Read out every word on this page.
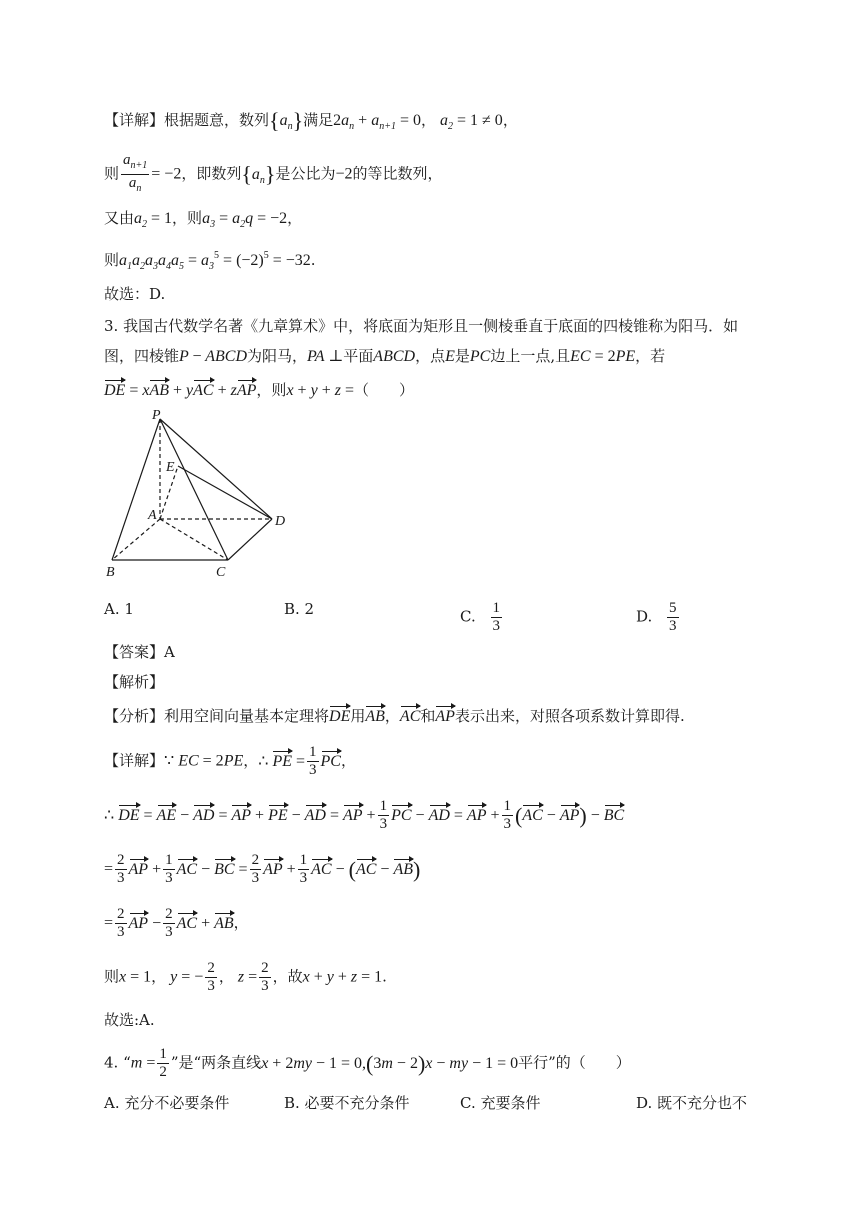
【详解】根据题意，数列$\{a_n\}$满足$2a_n + a_{n+1} = 0$， $a_2 = 1 \ne 0$，
则 $\frac{a_{n+1}}{a_n} = -2$，即数列$\{a_n\}$是公比为−2的等比数列，
又由$a_2 = 1$，则$a_3 = a_2q = -2$，
则$a_1a_2a_3a_4a_5 = a_3^5 = (-2)^5 = -32$.
故选：D.
3. 我国古代数学名著《九章算术》中，将底面为矩形且一侧棱垂直于底面的四棱锥称为阳马．如
图，四棱锥P − ABCD为阳马，PA ⊥平面ABCD，点E是PC边上一点,且EC = 2PE，若
DE = xAB + yAC + zAP，则x + y + z =（　　）
P
E
A	D
B	C
A. 1	B. 2	C. $\frac{1}{3}$	D. $\frac{5}{3}$
【答案】A
【解析】
【分析】利用空间向量基本定理将DE用AB，AC和AP表示出来，对照各项系数计算即得.
【详解】∵ EC = 2PE，∴ PE = $\frac{1}{3}$ PC，
∴ DE = AE − AD = AP + PE − AD = AP + $\frac{1}{3}$ PC − AD = AP + $\frac{1}{3} (AC - AP)$ − BC
= $\frac{2}{3}$ AP + $\frac{1}{3}$ AC − BC = $\frac{2}{3}$ AP + $\frac{1}{3}$ AC − (AC − AB)
= $\frac{2}{3}$ AP − $\frac{2}{3}$ AC + AB，
则x = 1， y = − $\frac{2}{3}$ ， $z = \frac{2}{3}$ ，故x + y + z = 1.
故选:A.
4. “$m = \frac{1}{2}$ ”是“两条直线x + 2my − 1 = 0,(3m − 2)x − my − 1 = 0平行”的（　　）
A. 充分不必要条件	B. 必要不充分条件	C. 充要条件	D. 既不充分也不
